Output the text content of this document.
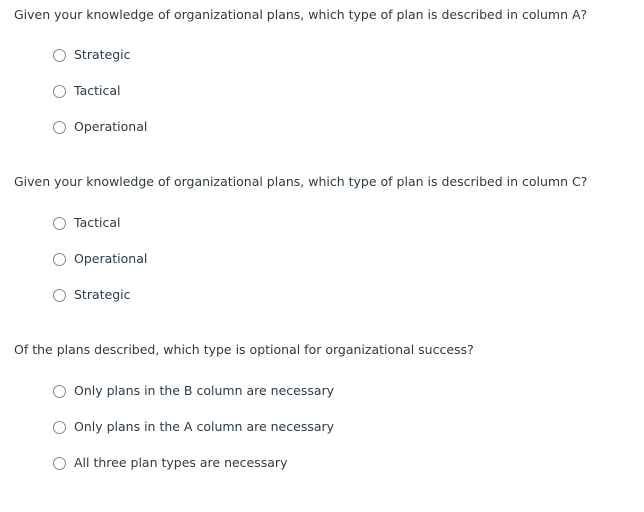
Given your knowledge of organizational plans, which type of plan is described in column A?
Strategic
Tactical
Operational
Given your knowledge of organizational plans, which type of plan is described in column C?
Tactical
Operational
Strategic
Of the plans described, which type is optional for organizational success?
Only plans in the B column are necessary
Only plans in the A column are necessary
All three plan types are necessary
